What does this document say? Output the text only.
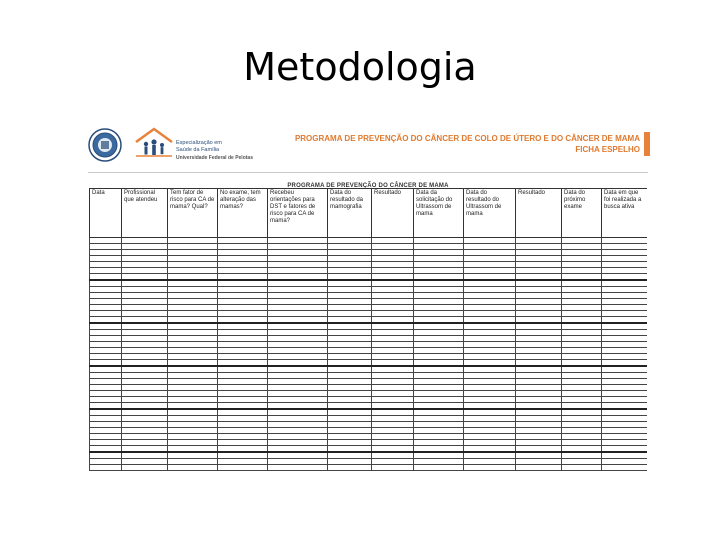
Metodologia
Especialização em
Saúde da Família
Universidade Federal de Pelotas
PROGRAMA DE PREVENÇÃO DO CÂNCER DE COLO DE ÚTERO E DO CÂNCER DE MAMA
FICHA ESPELHO
PROGRAMA DE PREVENÇÃO DO CÂNCER DE MAMA
Data	Profissional que atendeu	Tem fator de risco para CA de mama? Qual?	No exame, tem alteração das mamas?	Recebeu orientações para DST e fatores de risco para CA de mama?	Data do resultado da mamografia	Resultado	Data da solicitação do Ultrassom de mama	Data do resultado do Ultrassom de mama	Resultado	Data do próximo exame	Data em que foi realizada a busca ativa
